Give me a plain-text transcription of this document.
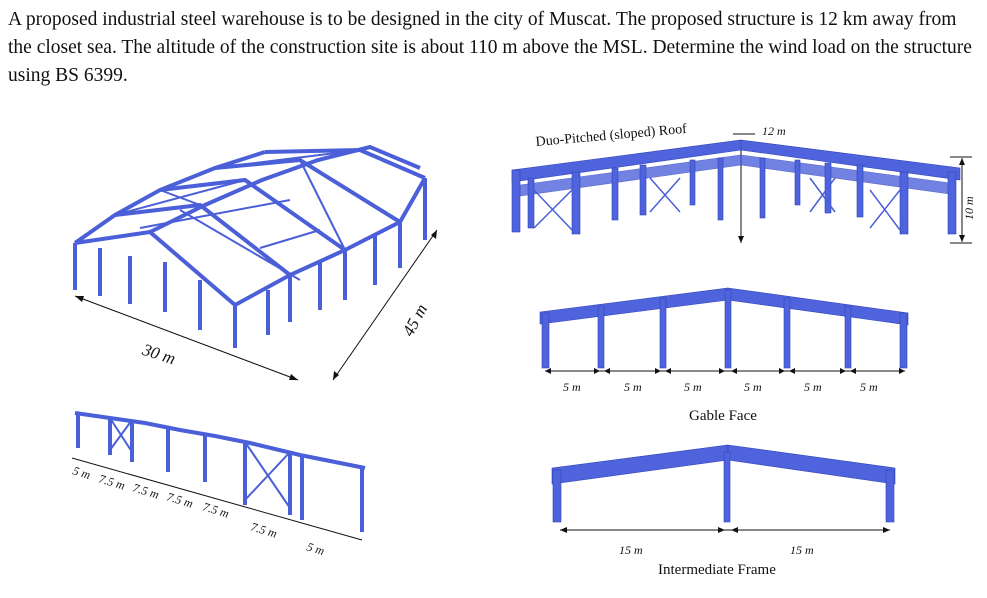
A proposed industrial steel warehouse is to be designed in the city of Muscat. The proposed structure is 12 km away from the closet sea. The altitude of the construction site is about 110 m above the MSL. Determine the wind load on the structure using BS 6399.

30 m
45 m
5 m 7.5 m 7.5 m 7.5 m 7.5 m
7.5 m
5 m
Duo-Pitched (sloped) Roof	12 m
10 m
5 m	5 m	5 m	5 m	5 m	5 m
Gable Face
15 m	15 m
Intermediate Frame
